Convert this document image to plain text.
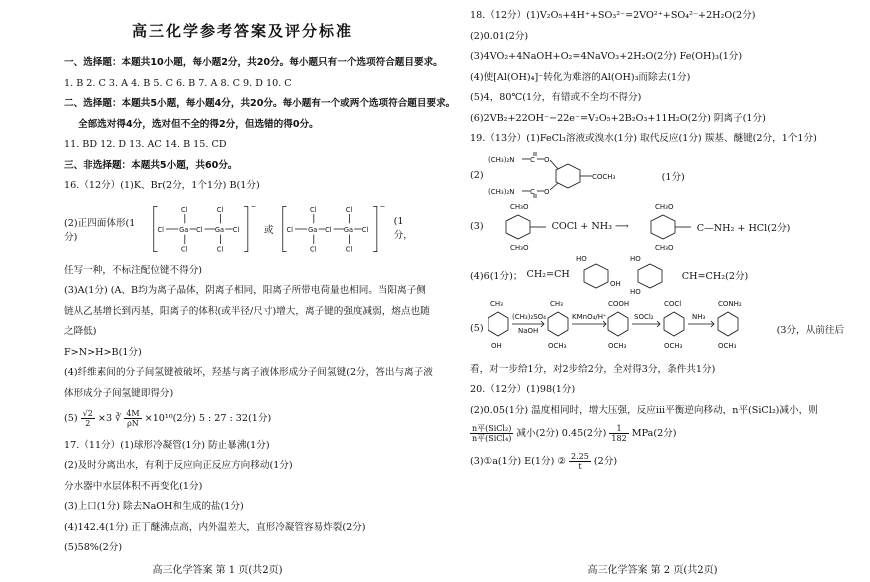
高三化学参考答案及评分标准
一、选择题：本题共10小题，每小题2分，共20分。每小题只有一个选项符合题目要求。
1. B 2. C 3. A 4. B 5. C 6. B 7. A 8. C 9. D 10. C
二、选择题：本题共5小题，每小题4分，共20分。每小题有一个或两个选项符合题目要求。
全部选对得4分，选对但不全的得2分，但选错的得0分。
11. BD 12. D 13. AC 14. B 15. CD
三、非选择题：本题共5小题，共60分。
16.（12分）(1)K、Br(2分，1个1分) B(1分)
(2)正四面体形(1分)
−
Cl	Cl
Cl Ga Cl Ga Cl
Cl	Cl
或
−
Cl	Cl
Cl Ga Cl Ga Cl
Cl	Cl
(1分，
任写一种，不标注配位键不得分)
(3)A(1分) (A、B均为离子晶体，阴离子相同，阳离子所带电荷量也相同。当阳离子侧
链从乙基增长到丙基，阳离子的体积(或半径/尺寸)增大，离子键的强度减弱，熔点也随
之降低)
F>N>H>B(1分)
(4)纤维素间的分子间氢键被破坏，羟基与离子液体形成分子间氢键(2分，答出与离子液
体形成分子间氢键即得分)
$(5) \frac{√2}{2} \times 3$ ∛ $\frac{4M}{\rho N} \times 10^{10}(2$分) 5 : 27 : 32(1分)
17.（11分）(1)球形冷凝管(1分) 防止暴沸(1分)
(2)及时分离出水，有利于反应向正反应方向移动(1分)
分水器中水层体积不再变化(1分)
(3)上口(1分) 除去NaOH和生成的盐(1分)
(4)142.4(1分) 正丁醚沸点高，内外温差大，直形冷凝管容易炸裂(2分)
(5)58%(2分)
高三化学答案 第 1 页(共2页)
18.（12分）(1)V₂O₅+4H⁺+SO₃²⁻=2VO²⁺+SO₄²⁻+2H₂O(2分)
(2)0.01(2分)
(3)4VO₂+4NaOH+O₂=4NaVO₃+2H₂O(2分) Fe(OH)₃(1分)
(4)使[Al(OH)₄]⁻转化为难溶的Al(OH)₃而除去(1分)
(5)4，80℃(1分，有错或不全均不得分)
(6)2VB₂+22OH⁻−22e⁻=V₂O₅+2B₂O₃+11H₂O(2分) 阴离子(1分)
19.（13分）(1)FeCl₃溶液或溴水(1分) 取代反应(1分) 羰基、醚键(2分，1个1分)
(2)
(CH₃)₂N C O
(CH₃)₂N C O
COCH₃	(1分)
(3)
CH₃O
CH₃O
COCl + NH₃ ⟶
CH₃O
CH₃O
C—NH₂ + HCl(2分)
(4)6(1分)； CH₂=CH
HO
OH
HO
HO
CH=CH₂(2分)
(5)
CH₃
OH
(CH₃)₂SO₄
NaOH
CH₃
OCH₃
KMnO₄/H⁺
COOH
OCH₃
SOCl₂
COCl
OCH₃
NH₃
CONH₂
OCH₃
(3分，从前往后
看，对一步给1分，对2步给2分，全对得3分，条件共1分)
20.（12分）(1)98(1分)
(2)0.05(1分) 温度相同时，增大压强，反应ⅲ平衡逆向移动，n平(SiCl₂)减小，则
$\frac{\text{n平(SiCl₂)}}{\text{n平(SiCl₄)}}$ 减小(2分) 0.45(2分) $\frac{1}{182} MPa(2$分)
(3)①a(1分) E(1分) ② $\frac{2.25}{t} (2$分)
高三化学答案 第 2 页(共2页)
